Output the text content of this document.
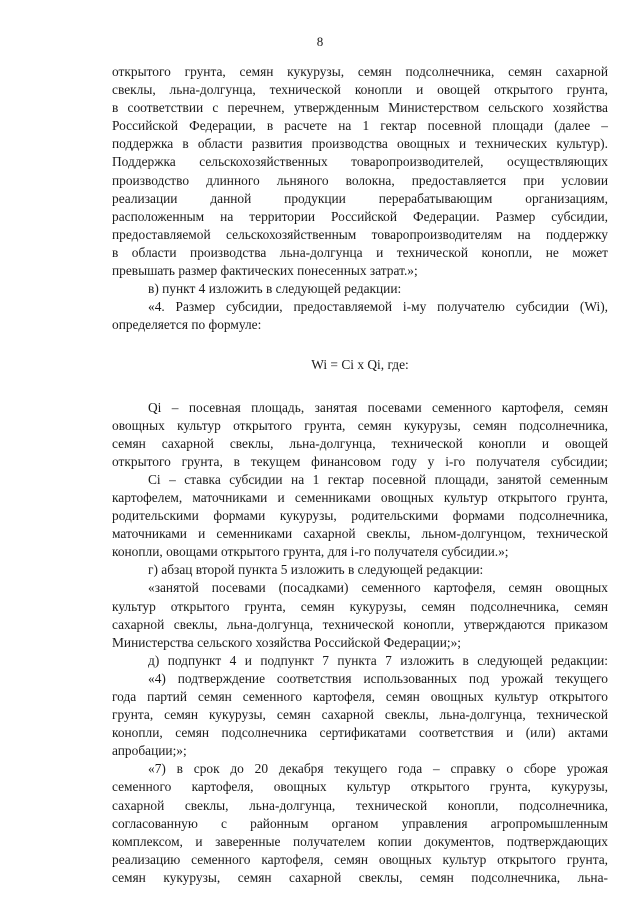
8
открытого грунта, семян кукурузы, семян подсолнечника, семян сахарной
свеклы, льна-долгунца, технической конопли и овощей открытого грунта,
в соответствии с перечнем, утвержденным Министерством сельского хозяйства
Российской Федерации, в расчете на 1 гектар посевной площади (далее –
поддержка в области развития производства овощных и технических культур).
Поддержка сельскохозяйственных товаропроизводителей, осуществляющих
производство длинного льняного волокна, предоставляется при условии
реализации данной продукции перерабатывающим организациям,
расположенным на территории Российской Федерации. Размер субсидии,
предоставляемой сельскохозяйственным товаропроизводителям на поддержку
в области производства льна-долгунца и технической конопли, не может
превышать размер фактических понесенных затрат.»;
в) пункт 4 изложить в следующей редакции:
«4. Размер субсидии, предоставляемой i-му получателю субсидии (Wi),
определяется по формуле:
Wi = Ci x Qi, где:
Qi – посевная площадь, занятая посевами семенного картофеля, семян
овощных культур открытого грунта, семян кукурузы, семян подсолнечника,
семян сахарной свеклы, льна-долгунца, технической конопли и овощей
открытого грунта, в текущем финансовом году у i-го получателя субсидии;
Ci – ставка субсидии на 1 гектар посевной площади, занятой семенным
картофелем, маточниками и семенниками овощных культур открытого грунта,
родительскими формами кукурузы, родительскими формами подсолнечника,
маточниками и семенниками сахарной свеклы, льном-долгунцом, технической
конопли, овощами открытого грунта, для i-го получателя субсидии.»;
г) абзац второй пункта 5 изложить в следующей редакции:
«занятой посевами (посадками) семенного картофеля, семян овощных
культур открытого грунта, семян кукурузы, семян подсолнечника, семян
сахарной свеклы, льна-долгунца, технической конопли, утверждаются приказом
Министерства сельского хозяйства Российской Федерации;»;
д) подпункт 4 и подпункт 7 пункта 7 изложить в следующей редакции:
«4) подтверждение соответствия использованных под урожай текущего
года партий семян семенного картофеля, семян овощных культур открытого
грунта, семян кукурузы, семян сахарной свеклы, льна-долгунца, технической
конопли, семян подсолнечника сертификатами соответствия и (или) актами
апробации;»;
«7) в срок до 20 декабря текущего года – справку о сборе урожая
семенного картофеля, овощных культур открытого грунта, кукурузы,
сахарной свеклы, льна-долгунца, технической конопли, подсолнечника,
согласованную с районным органом управления агропромышленным
комплексом, и заверенные получателем копии документов, подтверждающих
реализацию семенного картофеля, семян овощных культур открытого грунта,
семян кукурузы, семян сахарной свеклы, семян подсолнечника, льна-
